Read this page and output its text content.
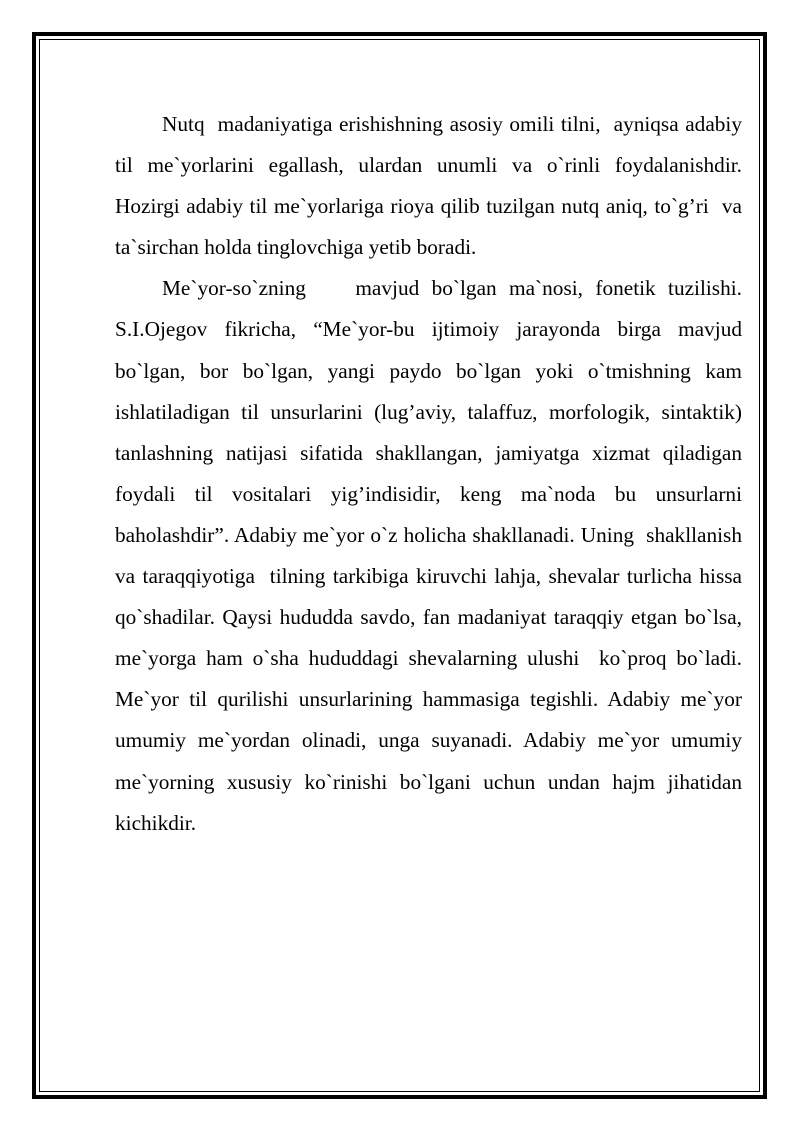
Nutq  madaniyatiga erishishning asosiy omili tilni,  ayniqsa adabiy til me`yorlarini egallash, ulardan unumli va o`rinli foydalanishdir. Hozirgi adabiy til me`yorlariga rioya qilib tuzilgan nutq aniq, to`g’ri  va ta`sirchan holda tinglovchiga yetib boradi.

Me`yor-so`zning    mavjud bo`lgan ma`nosi, fonetik tuzilishi. S.I.Ojegov fikricha, “Me`yor-bu ijtimoiy jarayonda birga mavjud bo`lgan, bor bo`lgan, yangi paydo bo`lgan yoki o`tmishning kam ishlatiladigan til unsurlarini (lug’aviy, talaffuz, morfologik, sintaktik) tanlashning natijasi sifatida shakllangan, jamiyatga xizmat qiladigan foydali til vositalari yig’indisidir, keng ma`noda bu unsurlarni baholashdir”. Adabiy me`yor o`z holicha shakllanadi. Uning  shakllanish va taraqqiyotiga  tilning tarkibiga kiruvchi lahja, shevalar turlicha hissa qo`shadilar. Qaysi hududda savdo, fan madaniyat taraqqiy etgan bo`lsa, me`yorga ham o`sha hududdagi shevalarning ulushi  ko`proq bo`ladi. Me`yor til qurilishi unsurlarining hammasiga tegishli. Adabiy me`yor umumiy me`yordan olinadi, unga suyanadi. Adabiy me`yor umumiy me`yorning xususiy ko`rinishi bo`lgani uchun undan hajm jihatidan kichikdir.
